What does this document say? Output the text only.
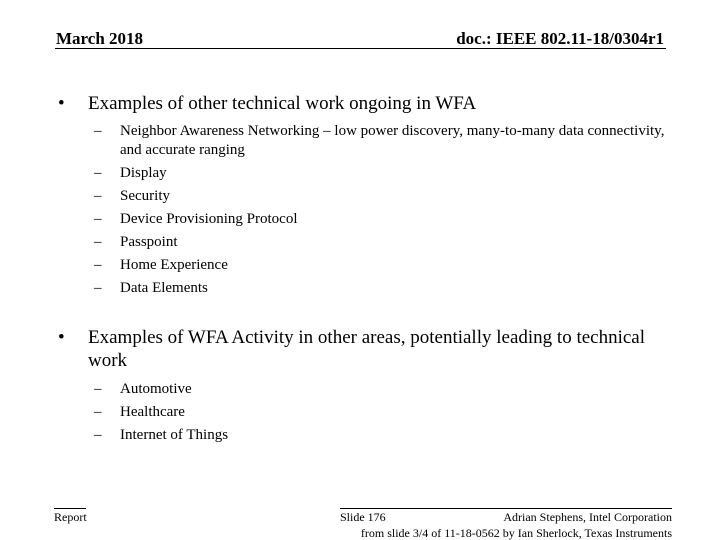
March 2018	doc.: IEEE 802.11-18/0304r1
•	Examples of other technical work ongoing in WFA
–	Neighbor Awareness Networking – low power discovery, many-to-many data connectivity, and accurate ranging
–	Display
–	Security
–	Device Provisioning Protocol
–	Passpoint
–	Home Experience
–	Data Elements
•	Examples of WFA Activity in other areas, potentially leading to technical work
–	Automotive
–	Healthcare
–	Internet of Things
Report	Slide 176	Adrian Stephens, Intel Corporation
from slide 3/4 of 11-18-0562 by Ian Sherlock, Texas Instruments
